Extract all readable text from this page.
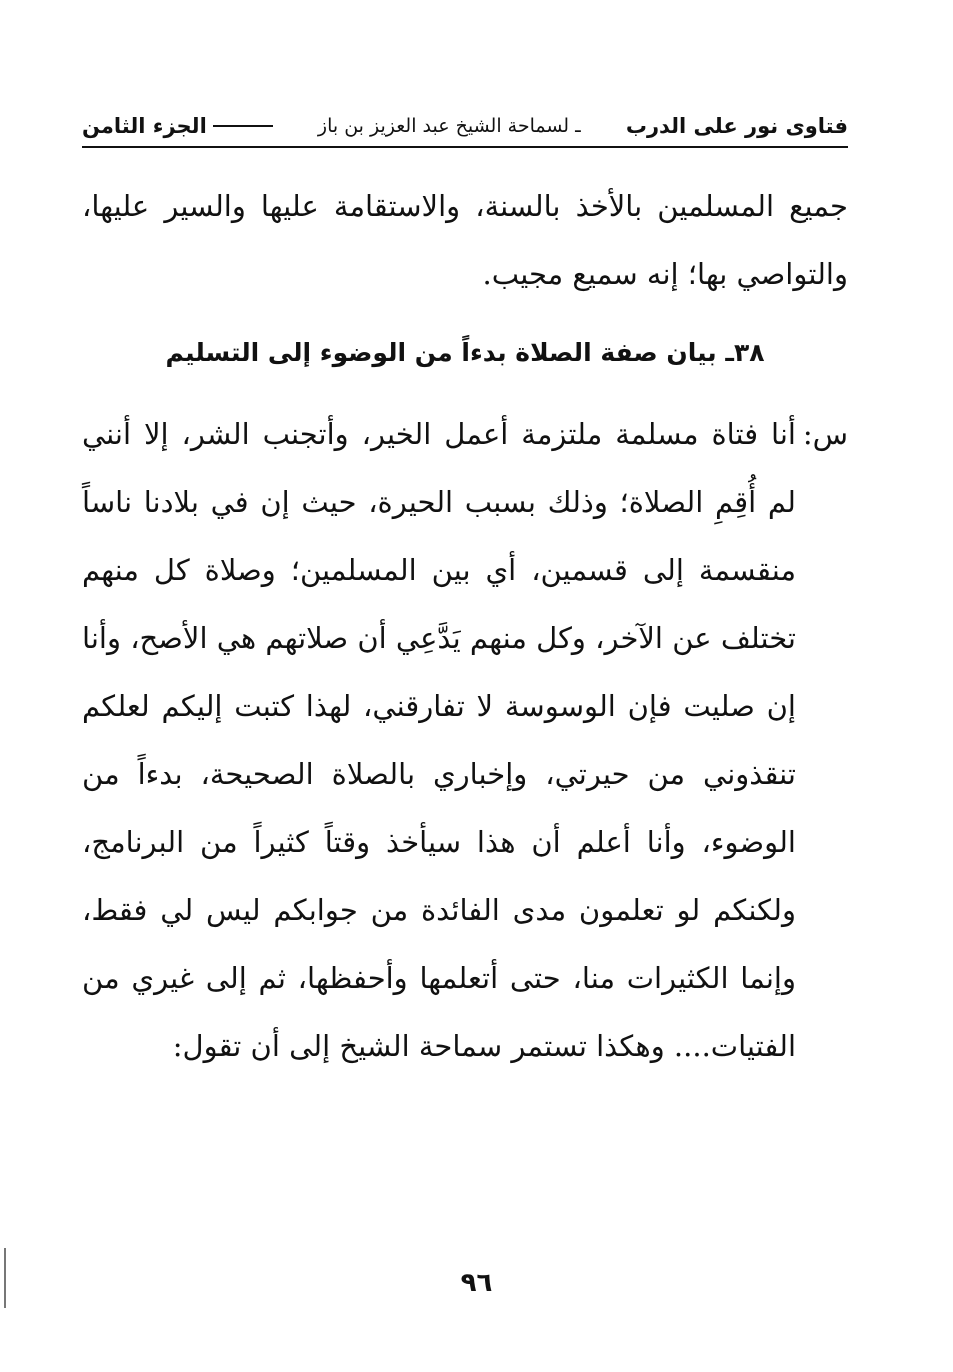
فتاوى نور على الدرب
ـ لسماحة الشيخ عبد العزيز بن باز
الجزء الثامن

جميع المسلمين بالأخذ بالسنة، والاستقامة عليها والسير عليها، والتواصي بها؛ إنه سميع مجيب.

٣٨ـ بيان صفة الصلاة بدءاً من الوضوء إلى التسليم
س:
أنا فتاة مسلمة ملتزمة أعمل الخير، وأتجنب الشر، إلا أنني لم أُقِمِ الصلاة؛ وذلك بسبب الحيرة، حيث إن في بلادنا ناساً منقسمة إلى قسمين، أي بين المسلمين؛ وصلاة كل منهم تختلف عن الآخر، وكل منهم يَدَّعِي أن صلاتهم هي الأصح، وأنا إن صليت فإن الوسوسة لا تفارقني، لهذا كتبت إليكم لعلكم تنقذوني من حيرتي، وإخباري بالصلاة الصحيحة، بدءاً من الوضوء، وأنا أعلم أن هذا سيأخذ وقتاً كثيراً من البرنامج، ولكنكم لو تعلمون مدى الفائدة من جوابكم ليس لي فقط، وإنما الكثيرات منا، حتى أتعلمها وأحفظها، ثم إلى غيري من الفتيات.... وهكذا تستمر سماحة الشيخ إلى أن تقول:
٩٦
